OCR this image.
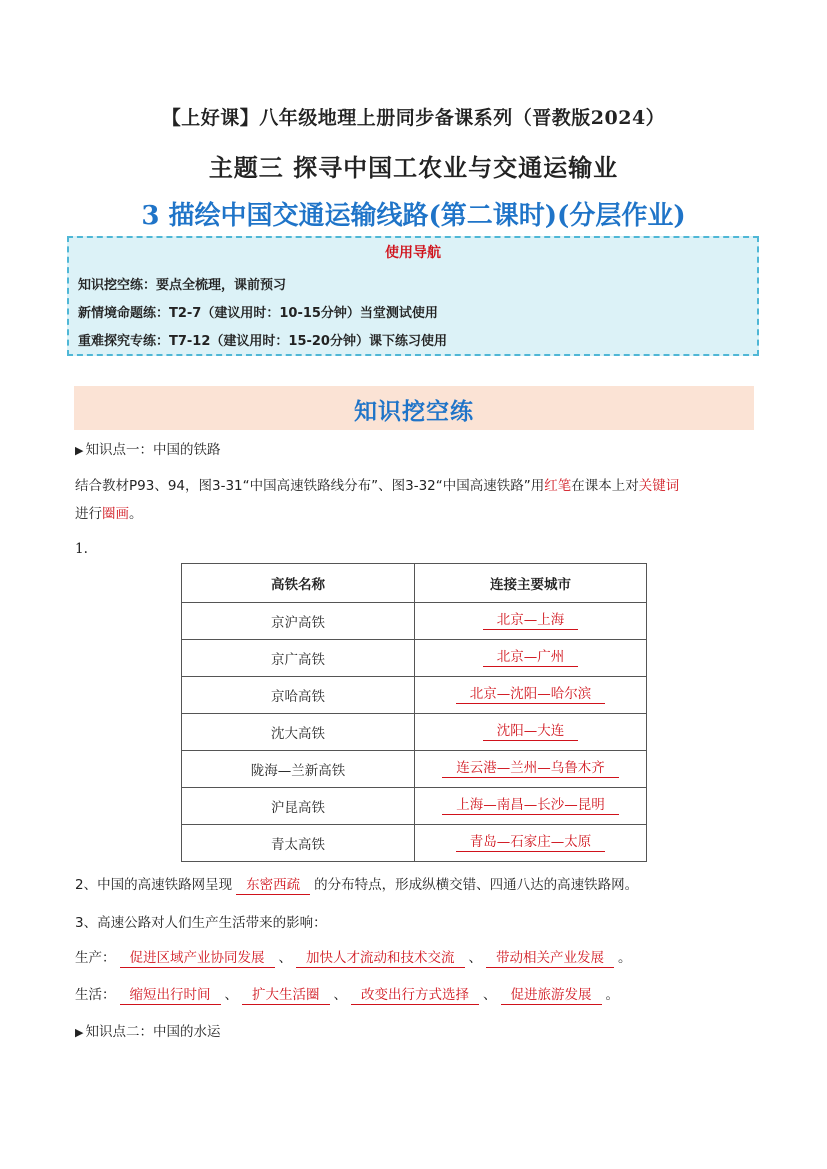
【上好课】八年级地理上册同步备课系列（晋教版2024）
主题三 探寻中国工农业与交通运输业
3 描绘中国交通运输线路(第二课时)(分层作业)
使用导航
知识挖空练：要点全梳理，课前预习
新情境命题练：T2-7（建议用时：10-15分钟）当堂测试使用
重难探究专练：T7-12（建议用时：15-20分钟）课下练习使用
知识挖空练
▶ 知识点一：中国的铁路
结合教材P93、94，图3-31“中国高速铁路线分布”、图3-32“中国高速铁路”用红笔在课本上对关键词
进行圈画。
1.
高铁名称	连接主要城市
京沪高铁	北京—上海
京广高铁	北京—广州
京哈高铁	北京—沈阳—哈尔滨
沈大高铁	沈阳—大连
陇海—兰新高铁	连云港—兰州—乌鲁木齐
沪昆高铁	上海—南昌—长沙—昆明
青太高铁	青岛—石家庄—太原
2、中国的高速铁路网呈现 东密西疏 的分布特点，形成纵横交错、四通八达的高速铁路网。
3、高速公路对人们生产生活带来的影响：
生产： 促进区域产业协同发展 、 加快人才流动和技术交流 、 带动相关产业发展 。
生活： 缩短出行时间 、 扩大生活圈 、 改变出行方式选择 、 促进旅游发展 。
▶ 知识点二：中国的水运
